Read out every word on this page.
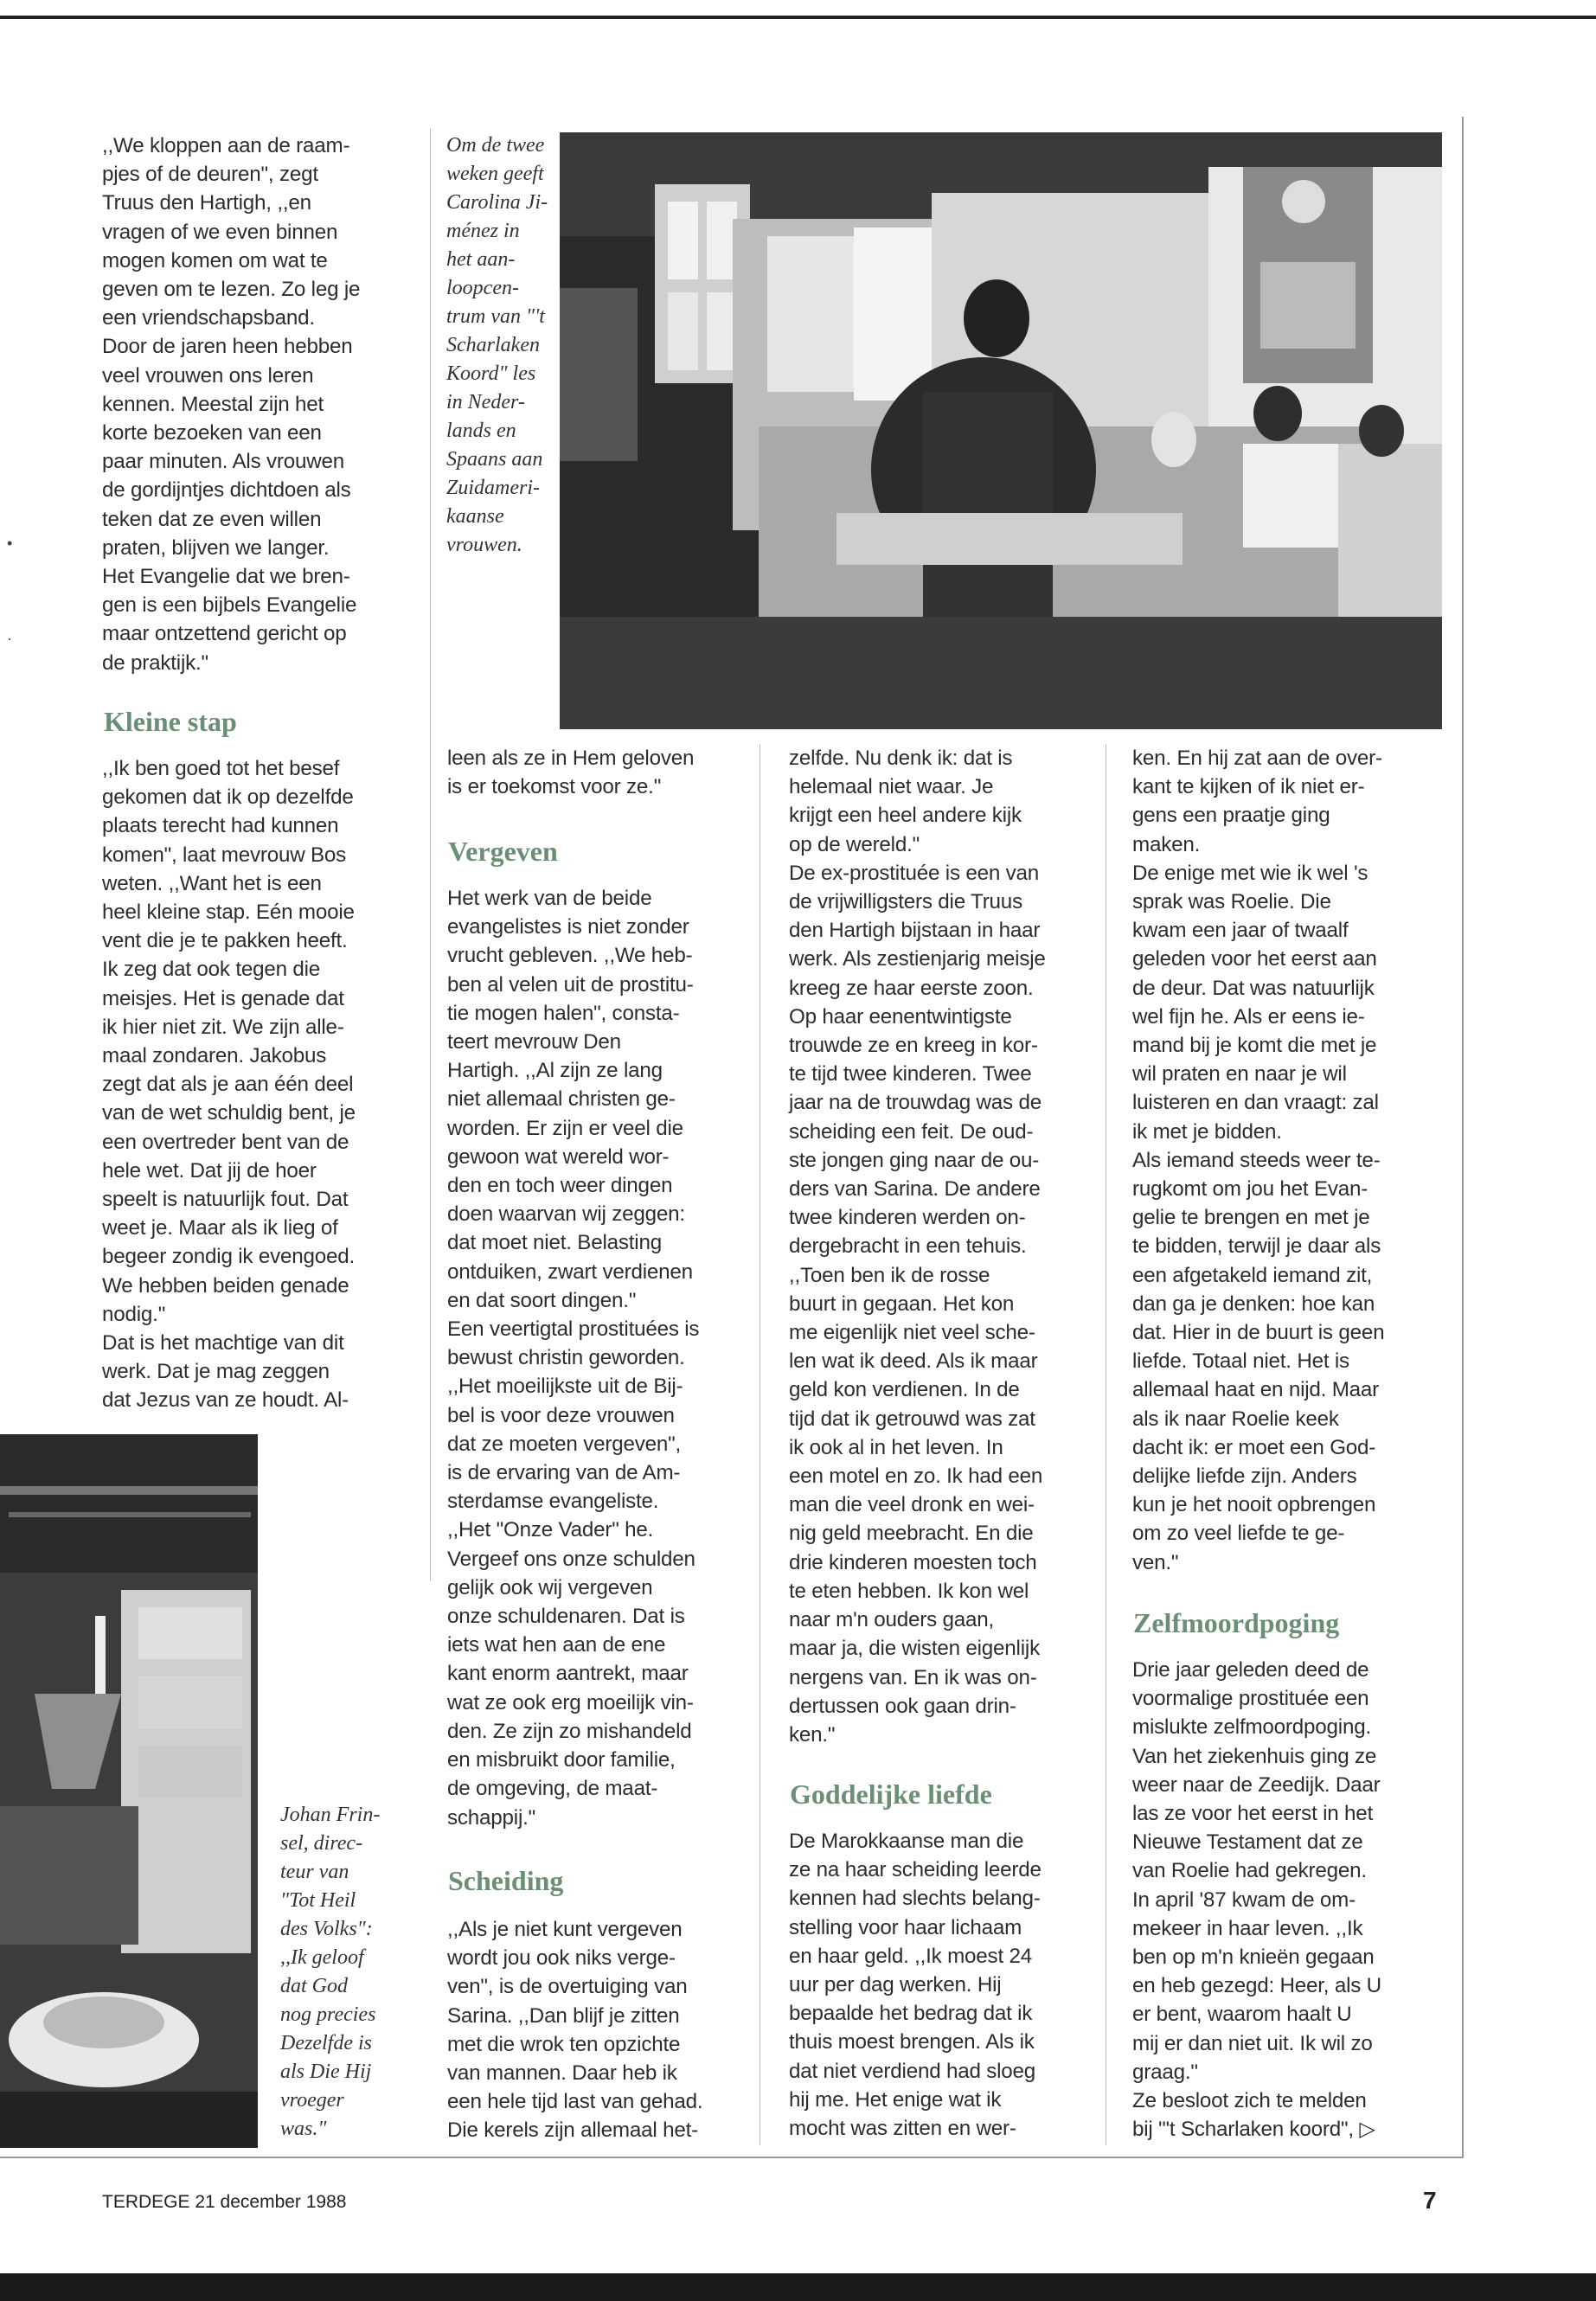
•
·
,,We kloppen aan de raam-
pjes of de deuren", zegt
Truus den Hartigh, ,,en
vragen of we even binnen
mogen komen om wat te
geven om te lezen. Zo leg je
een vriendschapsband.
Door de jaren heen hebben
veel vrouwen ons leren
kennen. Meestal zijn het
korte bezoeken van een
paar minuten. Als vrouwen
de gordijntjes dichtdoen als
teken dat ze even willen
praten, blijven we langer.
Het Evangelie dat we bren-
gen is een bijbels Evangelie
maar ontzettend gericht op
de praktijk."
Kleine stap
,,Ik ben goed tot het besef
gekomen dat ik op dezelfde
plaats terecht had kunnen
komen", laat mevrouw Bos
weten. ,,Want het is een
heel kleine stap. Eén mooie
vent die je te pakken heeft.
Ik zeg dat ook tegen die
meisjes. Het is genade dat
ik hier niet zit. We zijn alle-
maal zondaren. Jakobus
zegt dat als je aan één deel
van de wet schuldig bent, je
een overtreder bent van de
hele wet. Dat jij de hoer
speelt is natuurlijk fout. Dat
weet je. Maar als ik lieg of
begeer zondig ik evengoed.
We hebben beiden genade
nodig."
Dat is het machtige van dit
werk. Dat je mag zeggen
dat Jezus van ze houdt. Al-
Om de twee
weken geeft
Carolina Ji-
ménez in
het aan-
loopcen-
trum van "'t
Scharlaken
Koord" les
in Neder-
lands en
Spaans aan
Zuidameri-
kaanse
vrouwen.
Johan Frin-
sel, direc-
teur van
"Tot Heil
des Volks":
,,Ik geloof
dat God
nog precies
Dezelfde is
als Die Hij
vroeger
was."
leen als ze in Hem geloven
is er toekomst voor ze."
Vergeven
Het werk van de beide
evangelistes is niet zonder
vrucht gebleven. ,,We heb-
ben al velen uit de prostitu-
tie mogen halen", consta-
teert mevrouw Den
Hartigh. ,,Al zijn ze lang
niet allemaal christen ge-
worden. Er zijn er veel die
gewoon wat wereld wor-
den en toch weer dingen
doen waarvan wij zeggen:
dat moet niet. Belasting
ontduiken, zwart verdienen
en dat soort dingen."
Een veertigtal prostituées is
bewust christin geworden.
,,Het moeilijkste uit de Bij-
bel is voor deze vrouwen
dat ze moeten vergeven",
is de ervaring van de Am-
sterdamse evangeliste.
,,Het "Onze Vader" he.
Vergeef ons onze schulden
gelijk ook wij vergeven
onze schuldenaren. Dat is
iets wat hen aan de ene
kant enorm aantrekt, maar
wat ze ook erg moeilijk vin-
den. Ze zijn zo mishandeld
en misbruikt door familie,
de omgeving, de maat-
schappij."
Scheiding
,,Als je niet kunt vergeven
wordt jou ook niks verge-
ven", is de overtuiging van
Sarina. ,,Dan blijf je zitten
met die wrok ten opzichte
van mannen. Daar heb ik
een hele tijd last van gehad.
Die kerels zijn allemaal het-
zelfde. Nu denk ik: dat is
helemaal niet waar. Je
krijgt een heel andere kijk
op de wereld."
De ex-prostituée is een van
de vrijwilligsters die Truus
den Hartigh bijstaan in haar
werk. Als zestienjarig meisje
kreeg ze haar eerste zoon.
Op haar eenentwintigste
trouwde ze en kreeg in kor-
te tijd twee kinderen. Twee
jaar na de trouwdag was de
scheiding een feit. De oud-
ste jongen ging naar de ou-
ders van Sarina. De andere
twee kinderen werden on-
dergebracht in een tehuis.
,,Toen ben ik de rosse
buurt in gegaan. Het kon
me eigenlijk niet veel sche-
len wat ik deed. Als ik maar
geld kon verdienen. In de
tijd dat ik getrouwd was zat
ik ook al in het leven. In
een motel en zo. Ik had een
man die veel dronk en wei-
nig geld meebracht. En die
drie kinderen moesten toch
te eten hebben. Ik kon wel
naar m'n ouders gaan,
maar ja, die wisten eigenlijk
nergens van. En ik was on-
dertussen ook gaan drin-
ken."
Goddelijke liefde
De Marokkaanse man die
ze na haar scheiding leerde
kennen had slechts belang-
stelling voor haar lichaam
en haar geld. ,,Ik moest 24
uur per dag werken. Hij
bepaalde het bedrag dat ik
thuis moest brengen. Als ik
dat niet verdiend had sloeg
hij me. Het enige wat ik
mocht was zitten en wer-
ken. En hij zat aan de over-
kant te kijken of ik niet er-
gens een praatje ging
maken.
De enige met wie ik wel 's
sprak was Roelie. Die
kwam een jaar of twaalf
geleden voor het eerst aan
de deur. Dat was natuurlijk
wel fijn he. Als er eens ie-
mand bij je komt die met je
wil praten en naar je wil
luisteren en dan vraagt: zal
ik met je bidden.
Als iemand steeds weer te-
rugkomt om jou het Evan-
gelie te brengen en met je
te bidden, terwijl je daar als
een afgetakeld iemand zit,
dan ga je denken: hoe kan
dat. Hier in de buurt is geen
liefde. Totaal niet. Het is
allemaal haat en nijd. Maar
als ik naar Roelie keek
dacht ik: er moet een God-
delijke liefde zijn. Anders
kun je het nooit opbrengen
om zo veel liefde te ge-
ven."
Zelfmoordpoging
Drie jaar geleden deed de
voormalige prostituée een
mislukte zelfmoordpoging.
Van het ziekenhuis ging ze
weer naar de Zeedijk. Daar
las ze voor het eerst in het
Nieuwe Testament dat ze
van Roelie had gekregen.
In april '87 kwam de om-
mekeer in haar leven. ,,Ik
ben op m'n knieën gegaan
en heb gezegd: Heer, als U
er bent, waarom haalt U
mij er dan niet uit. Ik wil zo
graag."
Ze besloot zich te melden
bij "'t Scharlaken koord", ▷
TERDEGE 21 december 1988	7
